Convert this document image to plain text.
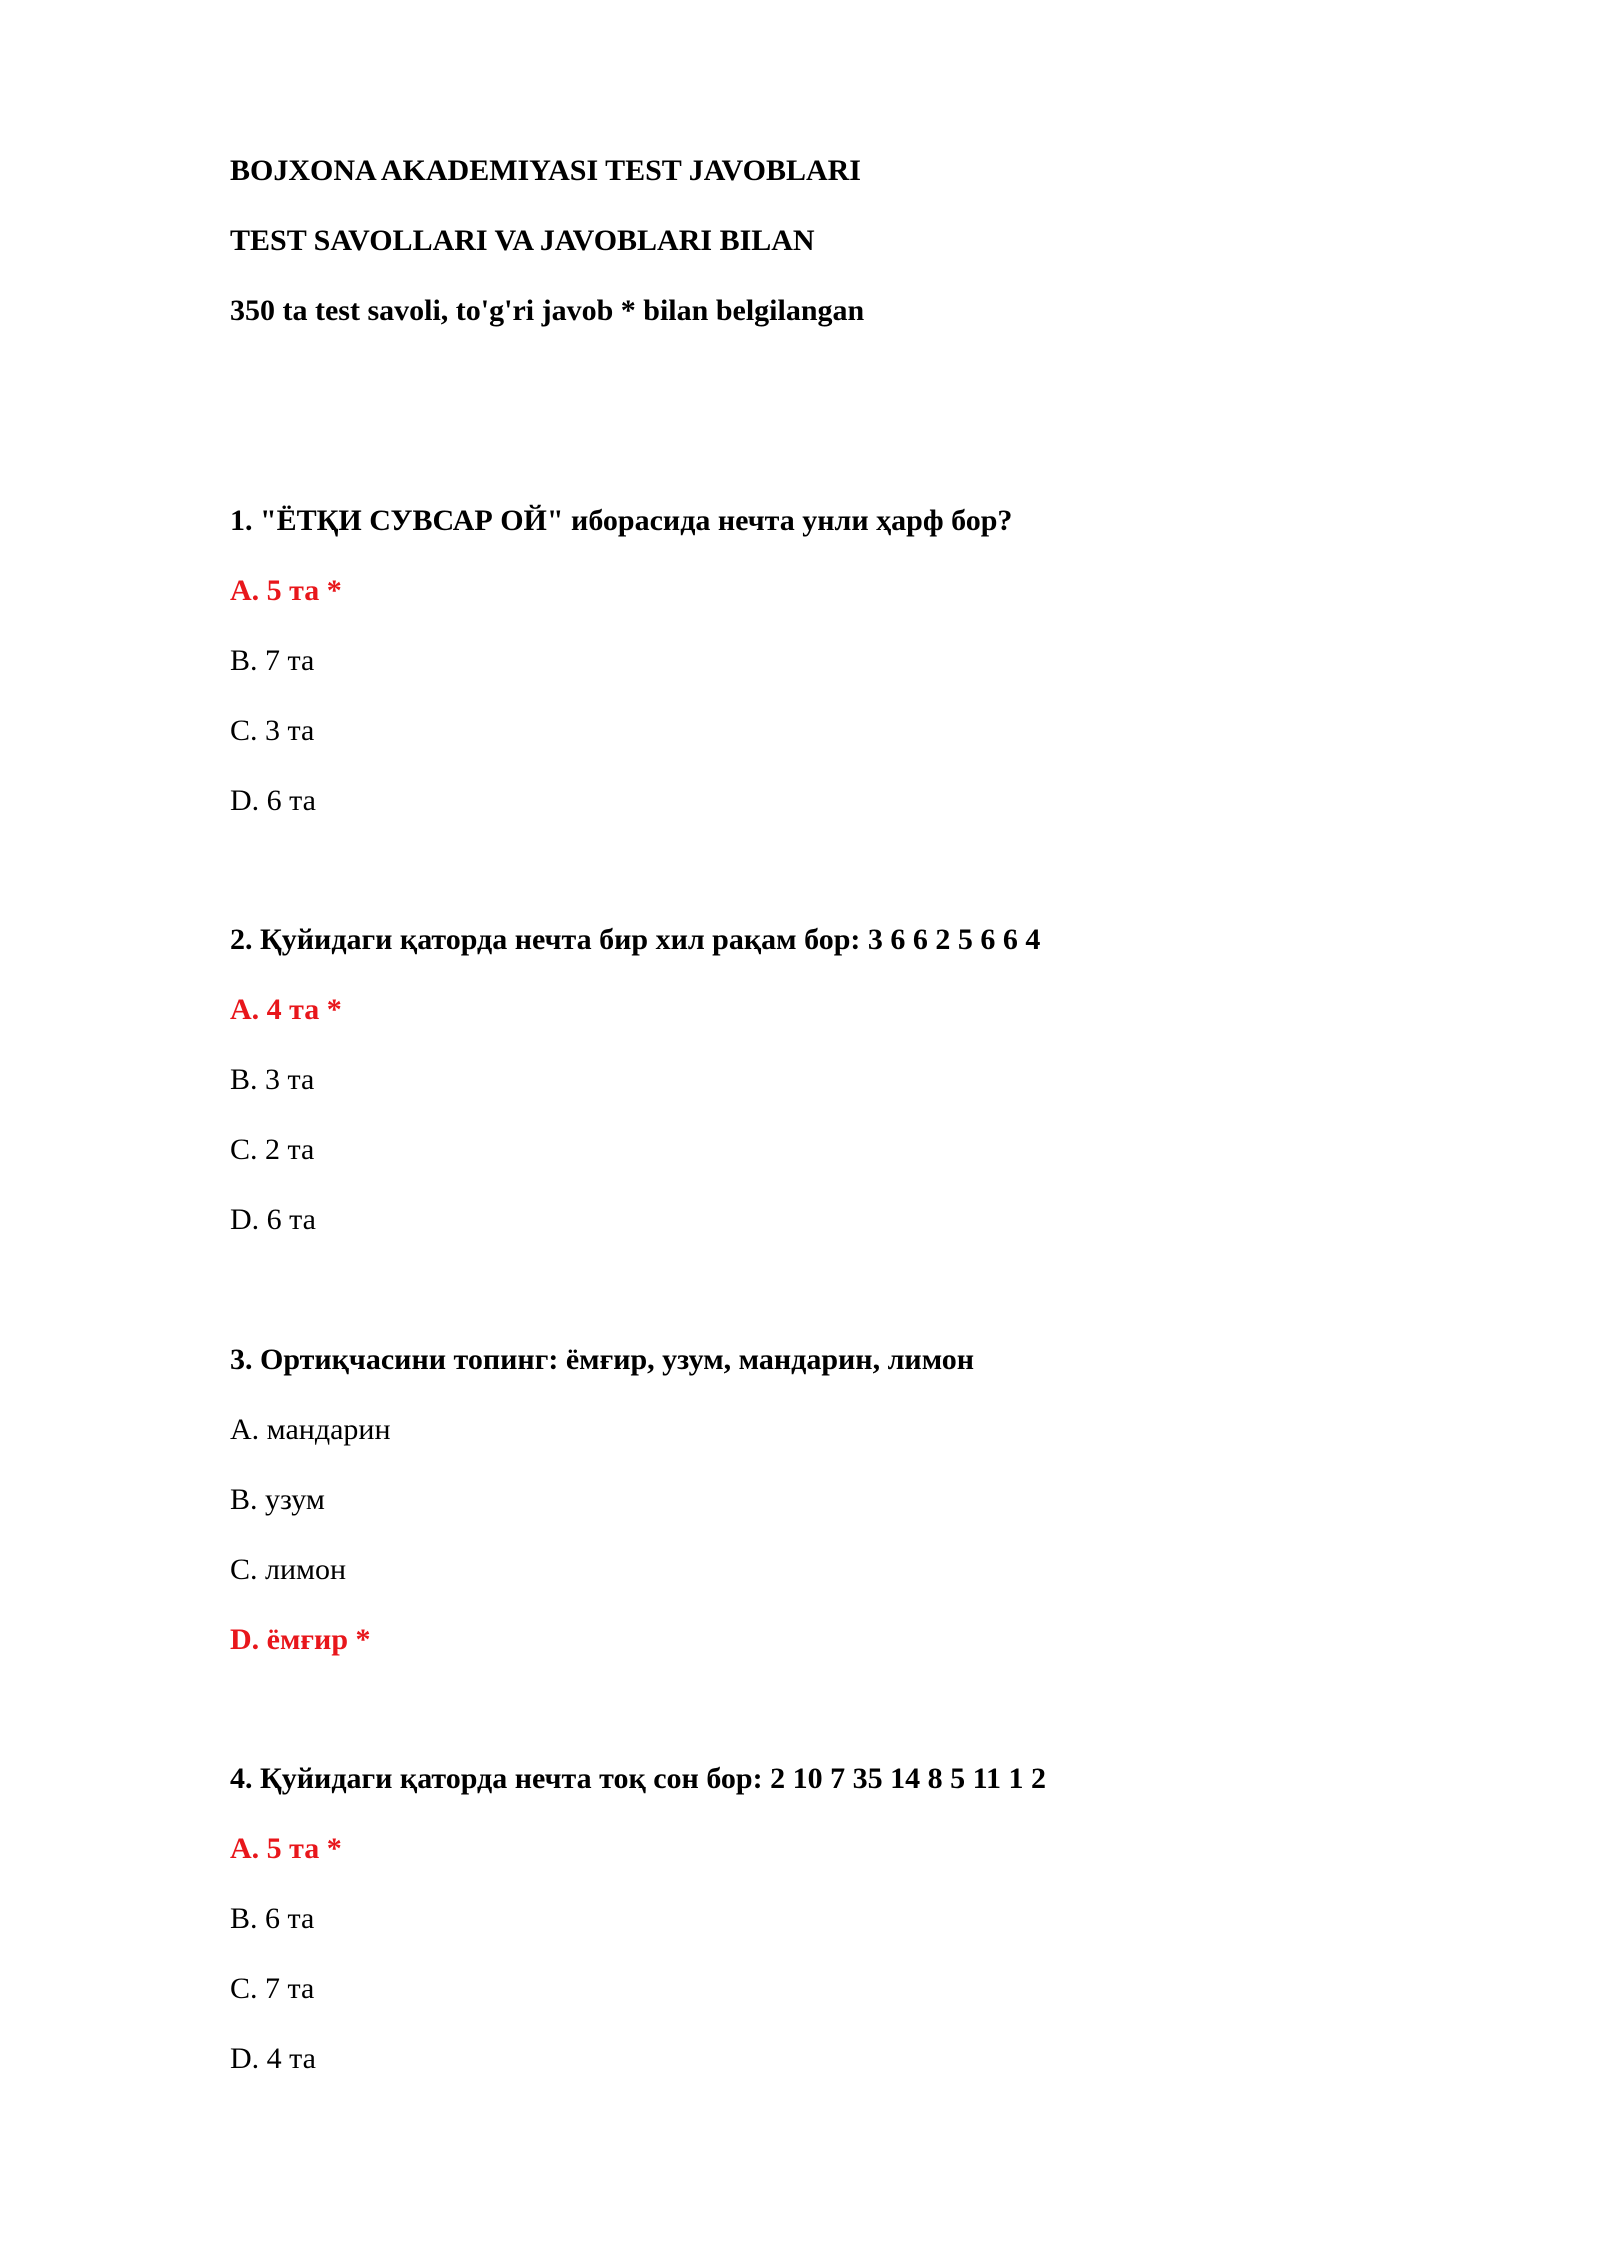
BOJXONA AKADEMIYASI TEST JAVOBLARI

TEST SAVOLLARI VA JAVOBLARI BILAN

350 ta test savoli, to'g'ri javob * bilan belgilangan

1. "ЁТҚИ СУВСАР ОЙ" иборасида нечта унли ҳарф бор?

A. 5 та *

B. 7 та

C. 3 та

D. 6 та

2. Қуйидаги қаторда нечта бир хил рақам бор: 3 6 6 2 5 6 6 4

A. 4 та *

B. 3 та

C. 2 та

D. 6 та

3. Ортиқчасини топинг: ёмғир, узум, мандарин, лимон

A. мандарин

B. узум

C. лимон

D. ёмғир *

4. Қуйидаги қаторда нечта тоқ сон бор: 2 10 7 35 14 8 5 11 1 2

A. 5 та *

B. 6 та

C. 7 та

D. 4 та
